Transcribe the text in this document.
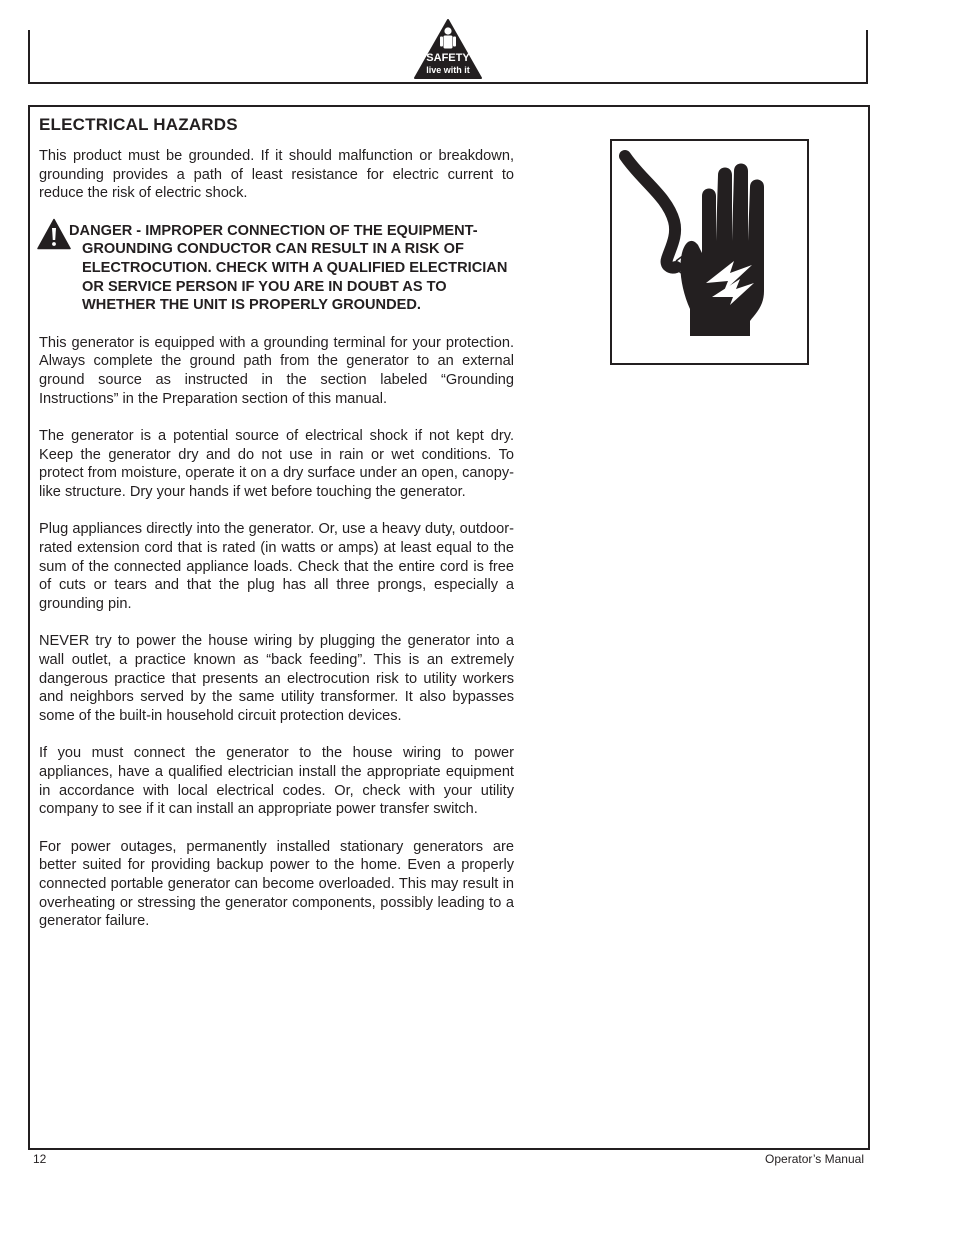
SAFETY
live with it
ELECTRICAL HAZARDS

This product must be grounded. If it should malfunction or breakdown, grounding provides a path of least resistance for electric current to reduce the risk of electric shock.

DANGER - IMPROPER CONNECTION OF THE EQUIPMENT-GROUNDING CONDUCTOR CAN RESULT IN A RISK OF ELECTROCUTION. CHECK WITH A QUALIFIED ELECTRICIAN OR SERVICE PERSON IF YOU ARE IN DOUBT AS TO WHETHER THE UNIT IS PROPERLY GROUNDED.

This generator is equipped with a grounding terminal for your protection. Always complete the ground path from the generator to an external ground source as instructed in the section labeled “Grounding Instructions” in the Preparation section of this manual.

The generator is a potential source of electrical shock if not kept dry. Keep the generator dry and do not use in rain or wet conditions. To protect from moisture, operate it on a dry surface under an open, canopy-like structure. Dry your hands if wet before touching the generator.

Plug appliances directly into the generator. Or, use a heavy duty, outdoor-rated extension cord that is rated (in watts or amps) at least equal to the sum of the connected appliance loads. Check that the entire cord is free of cuts or tears and that the plug has all three prongs, especially a grounding pin.

NEVER try to power the house wiring by plugging the generator into a wall outlet, a practice known as “back feeding”. This is an extremely dangerous practice that presents an electrocution risk to utility workers and neighbors served by the same utility transformer. It also bypasses some of the built-in household circuit protection devices.

If you must connect the generator to the house wiring to power appliances, have a qualified electrician install the appropriate equipment in accordance with local electrical codes. Or, check with your utility company to see if it can install an appropriate power transfer switch.

For power outages, permanently installed stationary generators are better suited for providing backup power to the home. Even a properly connected portable generator can become overloaded. This may result in overheating or stressing the generator components, possibly leading to a generator failure.

12	Operator’s Manual
